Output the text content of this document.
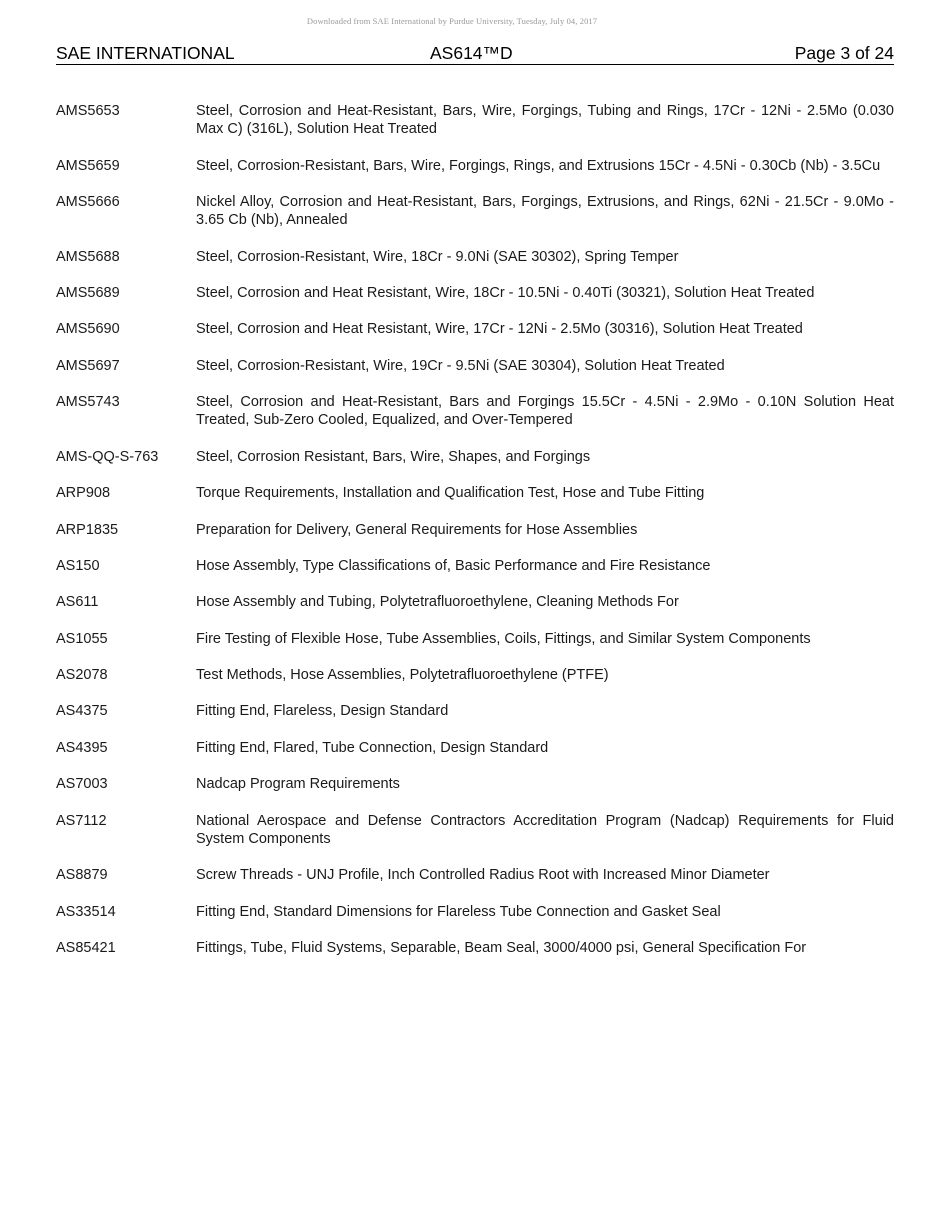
Downloaded from SAE International by Purdue University, Tuesday, July 04, 2017
SAE INTERNATIONAL	AS614™D	Page 3 of 24
AMS5653	Steel, Corrosion and Heat-Resistant, Bars, Wire, Forgings, Tubing and Rings, 17Cr - 12Ni - 2.5Mo (0.030 Max C) (316L), Solution Heat Treated
AMS5659	Steel, Corrosion-Resistant, Bars, Wire, Forgings, Rings, and Extrusions 15Cr - 4.5Ni - 0.30Cb (Nb) - 3.5Cu
AMS5666	Nickel Alloy, Corrosion and Heat-Resistant, Bars, Forgings, Extrusions, and Rings, 62Ni - 21.5Cr - 9.0Mo - 3.65 Cb (Nb), Annealed
AMS5688	Steel, Corrosion-Resistant, Wire, 18Cr - 9.0Ni (SAE 30302), Spring Temper
AMS5689	Steel, Corrosion and Heat Resistant, Wire, 18Cr - 10.5Ni - 0.40Ti (30321), Solution Heat Treated
AMS5690	Steel, Corrosion and Heat Resistant, Wire, 17Cr - 12Ni - 2.5Mo (30316), Solution Heat Treated
AMS5697	Steel, Corrosion-Resistant, Wire, 19Cr - 9.5Ni (SAE 30304), Solution Heat Treated
AMS5743	Steel, Corrosion and Heat-Resistant, Bars and Forgings 15.5Cr - 4.5Ni - 2.9Mo - 0.10N Solution Heat Treated, Sub-Zero Cooled, Equalized, and Over-Tempered
AMS-QQ-S-763	Steel, Corrosion Resistant, Bars, Wire, Shapes, and Forgings
ARP908	Torque Requirements, Installation and Qualification Test, Hose and Tube Fitting
ARP1835	Preparation for Delivery, General Requirements for Hose Assemblies
AS150	Hose Assembly, Type Classifications of, Basic Performance and Fire Resistance
AS611	Hose Assembly and Tubing, Polytetrafluoroethylene, Cleaning Methods For
AS1055	Fire Testing of Flexible Hose, Tube Assemblies, Coils, Fittings, and Similar System Components
AS2078	Test Methods, Hose Assemblies, Polytetrafluoroethylene (PTFE)
AS4375	Fitting End, Flareless, Design Standard
AS4395	Fitting End, Flared, Tube Connection, Design Standard
AS7003	Nadcap Program Requirements
AS7112	National Aerospace and Defense Contractors Accreditation Program (Nadcap) Requirements for Fluid System Components
AS8879	Screw Threads - UNJ Profile, Inch Controlled Radius Root with Increased Minor Diameter
AS33514	Fitting End, Standard Dimensions for Flareless Tube Connection and Gasket Seal
AS85421	Fittings, Tube, Fluid Systems, Separable, Beam Seal, 3000/4000 psi, General Specification For
